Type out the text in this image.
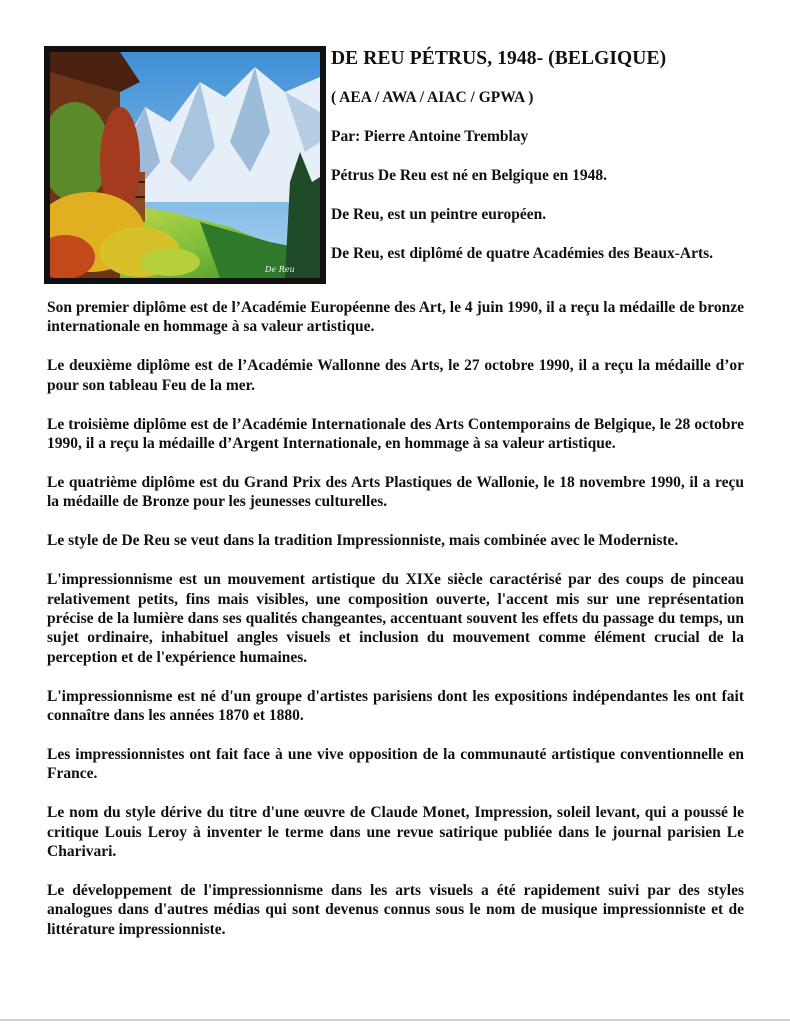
De Reu

DE REU PÉTRUS, 1948- (BELGIQUE)

( AEA / AWA / AIAC / GPWA )

Par: Pierre Antoine Tremblay

Pétrus De Reu est né en Belgique en 1948.

De Reu, est un peintre européen.

De Reu, est diplômé de quatre Académies des Beaux-Arts.

Son premier diplôme est de l’Académie Européenne des Art, le 4 juin 1990, il a reçu la médaille de bronze internationale en hommage à sa valeur artistique.

Le deuxième diplôme est de l’Académie Wallonne des Arts, le 27 octobre 1990, il a reçu la médaille d’or pour son tableau Feu de la mer.

Le troisième diplôme est de l’Académie Internationale des Arts Contemporains de Belgique, le 28 octobre 1990, il a reçu la médaille d’Argent Internationale, en hommage à sa valeur artistique.

Le quatrième diplôme est du Grand Prix des Arts Plastiques de Wallonie, le 18 novembre 1990, il a reçu la médaille de Bronze pour les jeunesses culturelles.

Le style de De Reu se veut dans la tradition Impressionniste, mais combinée avec le Moderniste.

L'impressionnisme est un mouvement artistique du XIXe siècle caractérisé par des coups de pinceau relativement petits, fins mais visibles, une composition ouverte, l'accent mis sur une représentation précise de la lumière dans ses qualités changeantes, accentuant souvent les effets du passage du temps, un sujet ordinaire, inhabituel angles visuels et inclusion du mouvement comme élément crucial de la perception et de l'expérience humaines.

L'impressionnisme est né d'un groupe d'artistes parisiens dont les expositions indépendantes les ont fait connaître dans les années 1870 et 1880.

Les impressionnistes ont fait face à une vive opposition de la communauté artistique conventionnelle en France.

Le nom du style dérive du titre d'une œuvre de Claude Monet, Impression, soleil levant, qui a poussé le critique Louis Leroy à inventer le terme dans une revue satirique publiée dans le journal parisien Le Charivari.

Le développement de l'impressionnisme dans les arts visuels a été rapidement suivi par des styles analogues dans d'autres médias qui sont devenus connus sous le nom de musique impressionniste et de littérature impressionniste.
